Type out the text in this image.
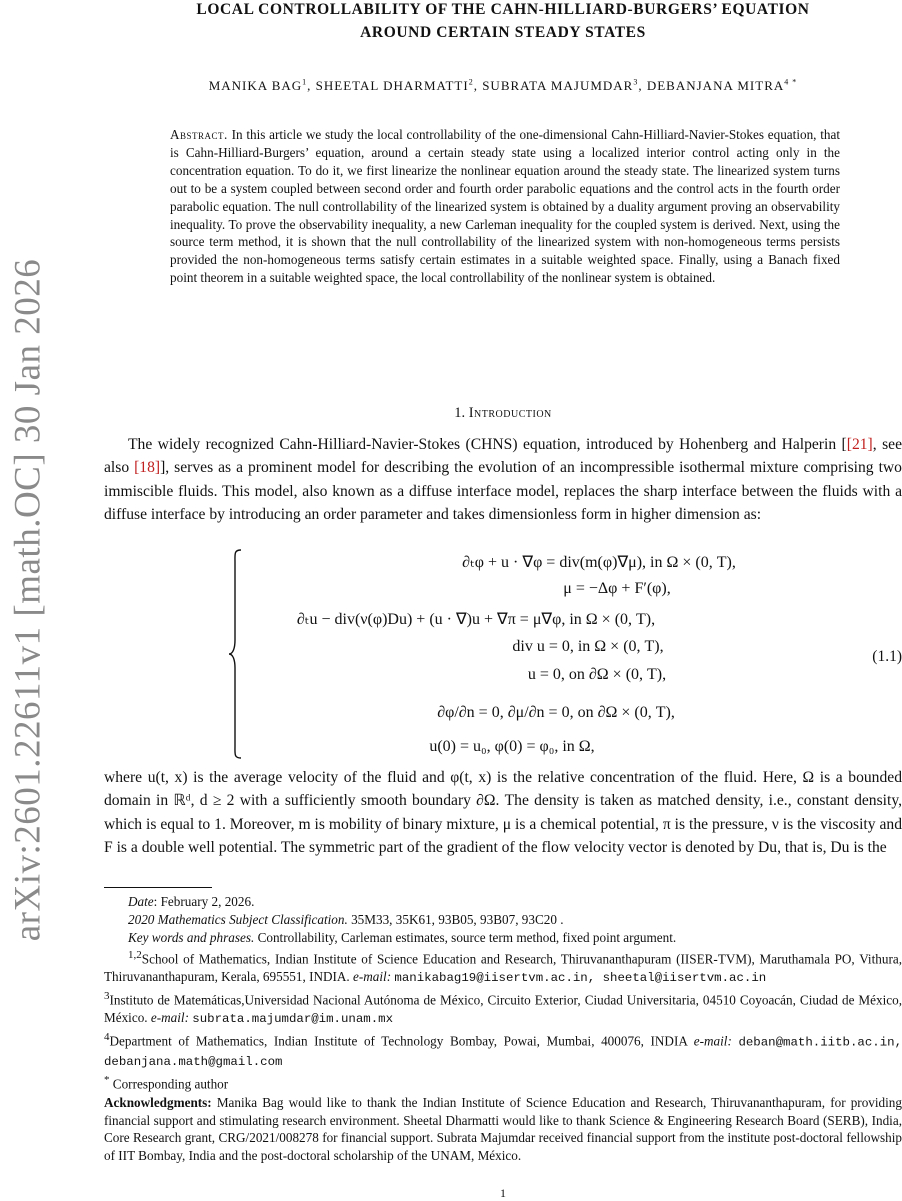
arXiv:2601.22611v1 [math.OC] 30 Jan 2026
LOCAL CONTROLLABILITY OF THE CAHN-HILLIARD-BURGERS’ EQUATION
AROUND CERTAIN STEADY STATES
MANIKA BAG$^1$, SHEETAL DHARMATTI$^2$, SUBRATA MAJUMDAR$^3$, DEBANJANA $MITRA^{4 *}$
Abstract. In this article we study the local controllability of the one-dimensional Cahn-Hilliard-Navier-Stokes equation, that is Cahn-Hilliard-Burgers’ equation, around a certain steady state using a localized interior control acting only in the concentration equation. To do it, we first linearize the nonlinear equation around the steady state. The linearized system turns out to be a system coupled between second order and fourth order parabolic equations and the control acts in the fourth order parabolic equation. The null controllability of the linearized system is obtained by a duality argument proving an observability inequality. To prove the observability inequality, a new Carleman inequality for the coupled system is derived. Next, using the source term method, it is shown that the null controllability of the linearized system with non-homogeneous terms persists provided the non-homogeneous terms satisfy certain estimates in a suitable weighted space. Finally, using a Banach fixed point theorem in a suitable weighted space, the local controllability of the nonlinear system is obtained.
1. Introduction
The widely recognized Cahn-Hilliard-Navier-Stokes (CHNS) equation, introduced by Hohenberg and Halperin [[21], see also [18]], serves as a prominent model for describing the evolution of an incompressible isothermal mixture comprising two immiscible fluids. This model, also known as a diffuse interface model, replaces the sharp interface between the fluids with a diffuse interface by introducing an order parameter and takes dimensionless form in higher dimension as:
∂ₜφ + u · ∇φ = div(m(φ)∇μ), in Ω × (0, T),
μ = −Δφ + F′(φ),
∂ₜu − div(ν(φ)Du) + (u · ∇)u + ∇π = μ∇φ, in Ω × (0, T),
div u = 0, in Ω × (0, T),
u = 0, on ∂Ω × (0, T),
∂φ/∂n = 0, ∂μ/∂n = 0, on ∂Ω × (0, T),
u(0) = u₀, φ(0) = φ₀, in Ω,
(1.1)
where u(t, x) is the average velocity of the fluid and φ(t, x) is the relative concentration of the fluid. Here, Ω is a bounded domain in ℝᵈ, d ≥ 2 with a sufficiently smooth boundary ∂Ω. The density is taken as matched density, i.e., constant density, which is equal to 1. Moreover, m is mobility of binary mixture, μ is a chemical potential, π is the pressure, ν is the viscosity and F is a double well potential. The symmetric part of the gradient of the flow velocity vector is denoted by Du, that is, Du is the

Date: February 2, 2026.

2020 Mathematics Subject Classification. 35M33, 35K61, 93B05, 93B07, 93C20 .

Key words and phrases. Controllability, Carleman estimates, source term method, fixed point argument.

$^{1,2}$School of Mathematics, Indian Institute of Science Education and Research, Thiruvananthapuram (IISER-TVM), Maruthamala PO, Vithura, Thiruvananthapuram, Kerala, 695551, INDIA. e-mail: manikabag19@iisertvm.ac.in, sheetal@iisertvm.ac.in

$^3$Instituto de Matemáticas,Universidad Nacional Autónoma de México, Circuito Exterior, Ciudad Universitaria, 04510 Coyoacán, Ciudad de México, México. e-mail: subrata.majumdar@im.unam.mx

$^4$Department of Mathematics, Indian Institute of Technology Bombay, Powai, Mumbai, 400076, INDIA e-mail: deban@math.iitb.ac.in, debanjana.math@gmail.com

* Corresponding author

Acknowledgments: Manika Bag would like to thank the Indian Institute of Science Education and Research, Thiruvananthapuram, for providing financial support and stimulating research environment. Sheetal Dharmatti would like to thank Science & Engineering Research Board (SERB), India, Core Research grant, CRG/2021/008278 for financial support. Subrata Majumdar received financial support from the institute post-doctoral fellowship of IIT Bombay, India and the post-doctoral scholarship of the UNAM, México.

1
